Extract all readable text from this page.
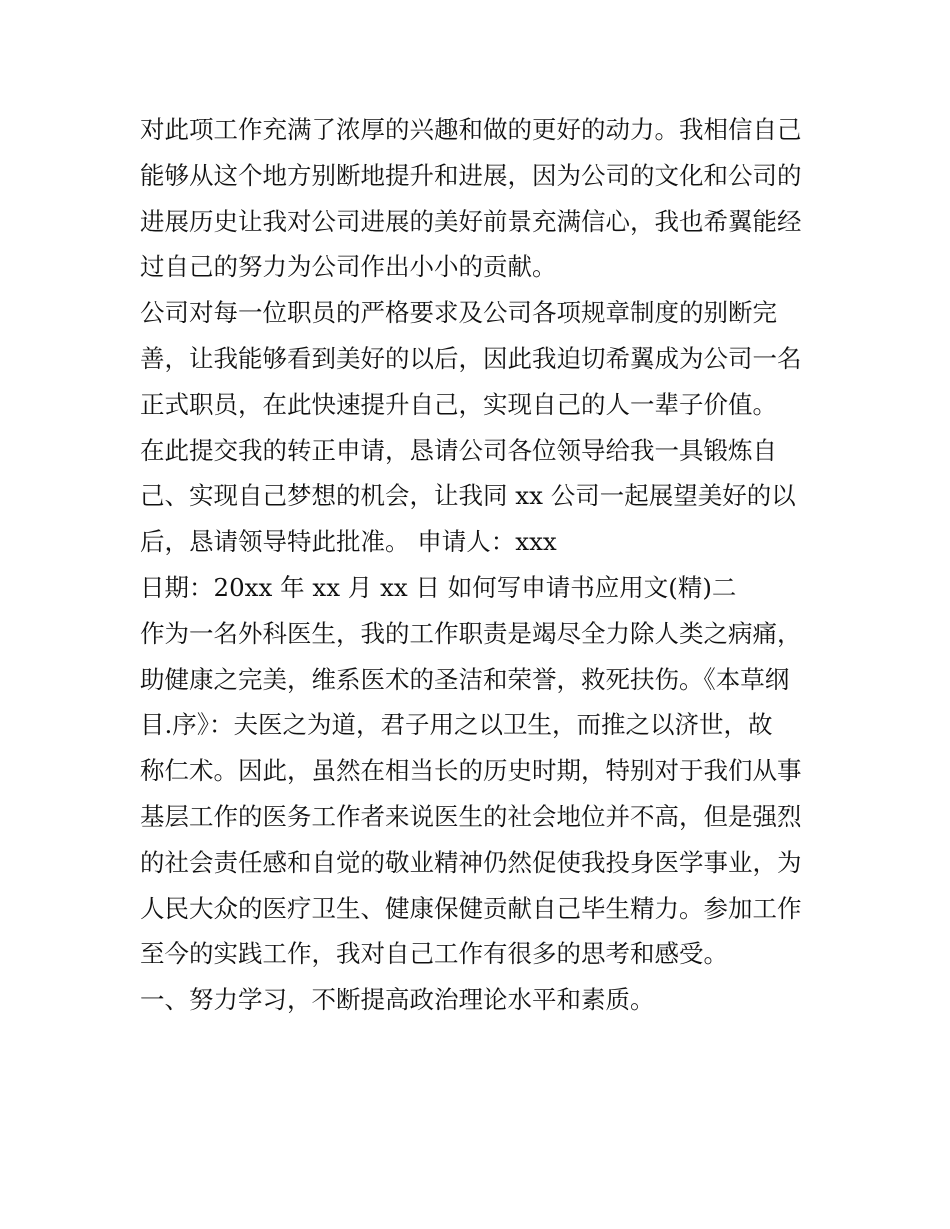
对此项工作充满了浓厚的兴趣和做的更好的动力。我相信自己
能够从这个地方别断地提升和进展，因为公司的文化和公司的
进展历史让我对公司进展的美好前景充满信心，我也希翼能经
过自己的努力为公司作出小小的贡献。
公司对每一位职员的严格要求及公司各项规章制度的别断完
善，让我能够看到美好的以后，因此我迫切希翼成为公司一名
正式职员，在此快速提升自己，实现自己的人一辈子价值。
在此提交我的转正申请，恳请公司各位领导给我一具锻炼自
己、实现自己梦想的机会，让我同 xx 公司一起展望美好的以
后，恳请领导特此批准。 申请人：xxx
日期：20xx 年 xx 月 xx 日 如何写申请书应用文(精)二
作为一名外科医生，我的工作职责是竭尽全力除人类之病痛，
助健康之完美，维系医术的圣洁和荣誉，救死扶伤。《本草纲
目.序》：夫医之为道，君子用之以卫生，而推之以济世，故
称仁术。因此，虽然在相当长的历史时期，特别对于我们从事
基层工作的医务工作者来说医生的社会地位并不高，但是强烈
的社会责任感和自觉的敬业精神仍然促使我投身医学事业，为
人民大众的医疗卫生、健康保健贡献自己毕生精力。参加工作
至今的实践工作，我对自己工作有很多的思考和感受。
一、努力学习，不断提高政治理论水平和素质。
